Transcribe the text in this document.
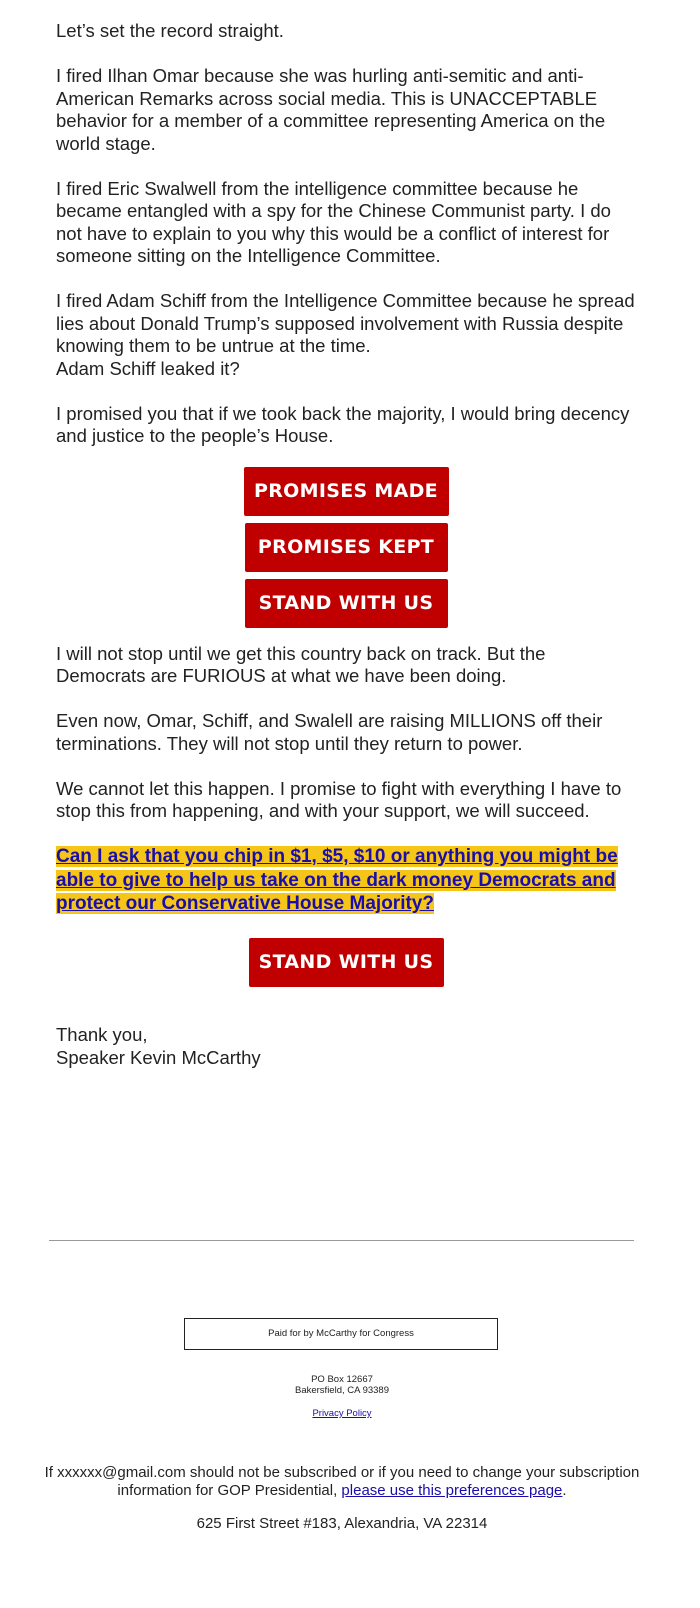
Let’s set the record straight.

I fired Ilhan Omar because she was hurling anti-semitic and anti-American Remarks across social media. This is UNACCEPTABLE behavior for a member of a committee representing America on the world stage.

I fired Eric Swalwell from the intelligence committee because he became entangled with a spy for the Chinese Communist party. I do not have to explain to you why this would be a conflict of interest for someone sitting on the Intelligence Committee.

I fired Adam Schiff from the Intelligence Committee because he spread lies about Donald Trump’s supposed involvement with Russia despite knowing them to be untrue at the time.
Adam Schiff leaked it?

I promised you that if we took back the majority, I would bring decency and justice to the people’s House.

PROMISES MADE
PROMISES KEPT
STAND WITH US

I will not stop until we get this country back on track. But the Democrats are FURIOUS at what we have been doing.

Even now, Omar, Schiff, and Swalell are raising MILLIONS off their terminations. They will not stop until they return to power.

We cannot let this happen. I promise to fight with everything I have to stop this from happening, and with your support, we will succeed.

Can I ask that you chip in $1, $5, $10 or anything you might be able to give to help us take on the dark money Democrats and protect our Conservative House Majority?

STAND WITH US

Thank you,

Speaker Kevin McCarthy

Paid for by McCarthy for Congress
PO Box 12667
Bakersfield, CA 93389
Privacy Policy
If xxxxxx@gmail.com should not be subscribed or if you need to change your subscription information for GOP Presidential, please use this preferences page.
625 First Street #183, Alexandria, VA 22314
